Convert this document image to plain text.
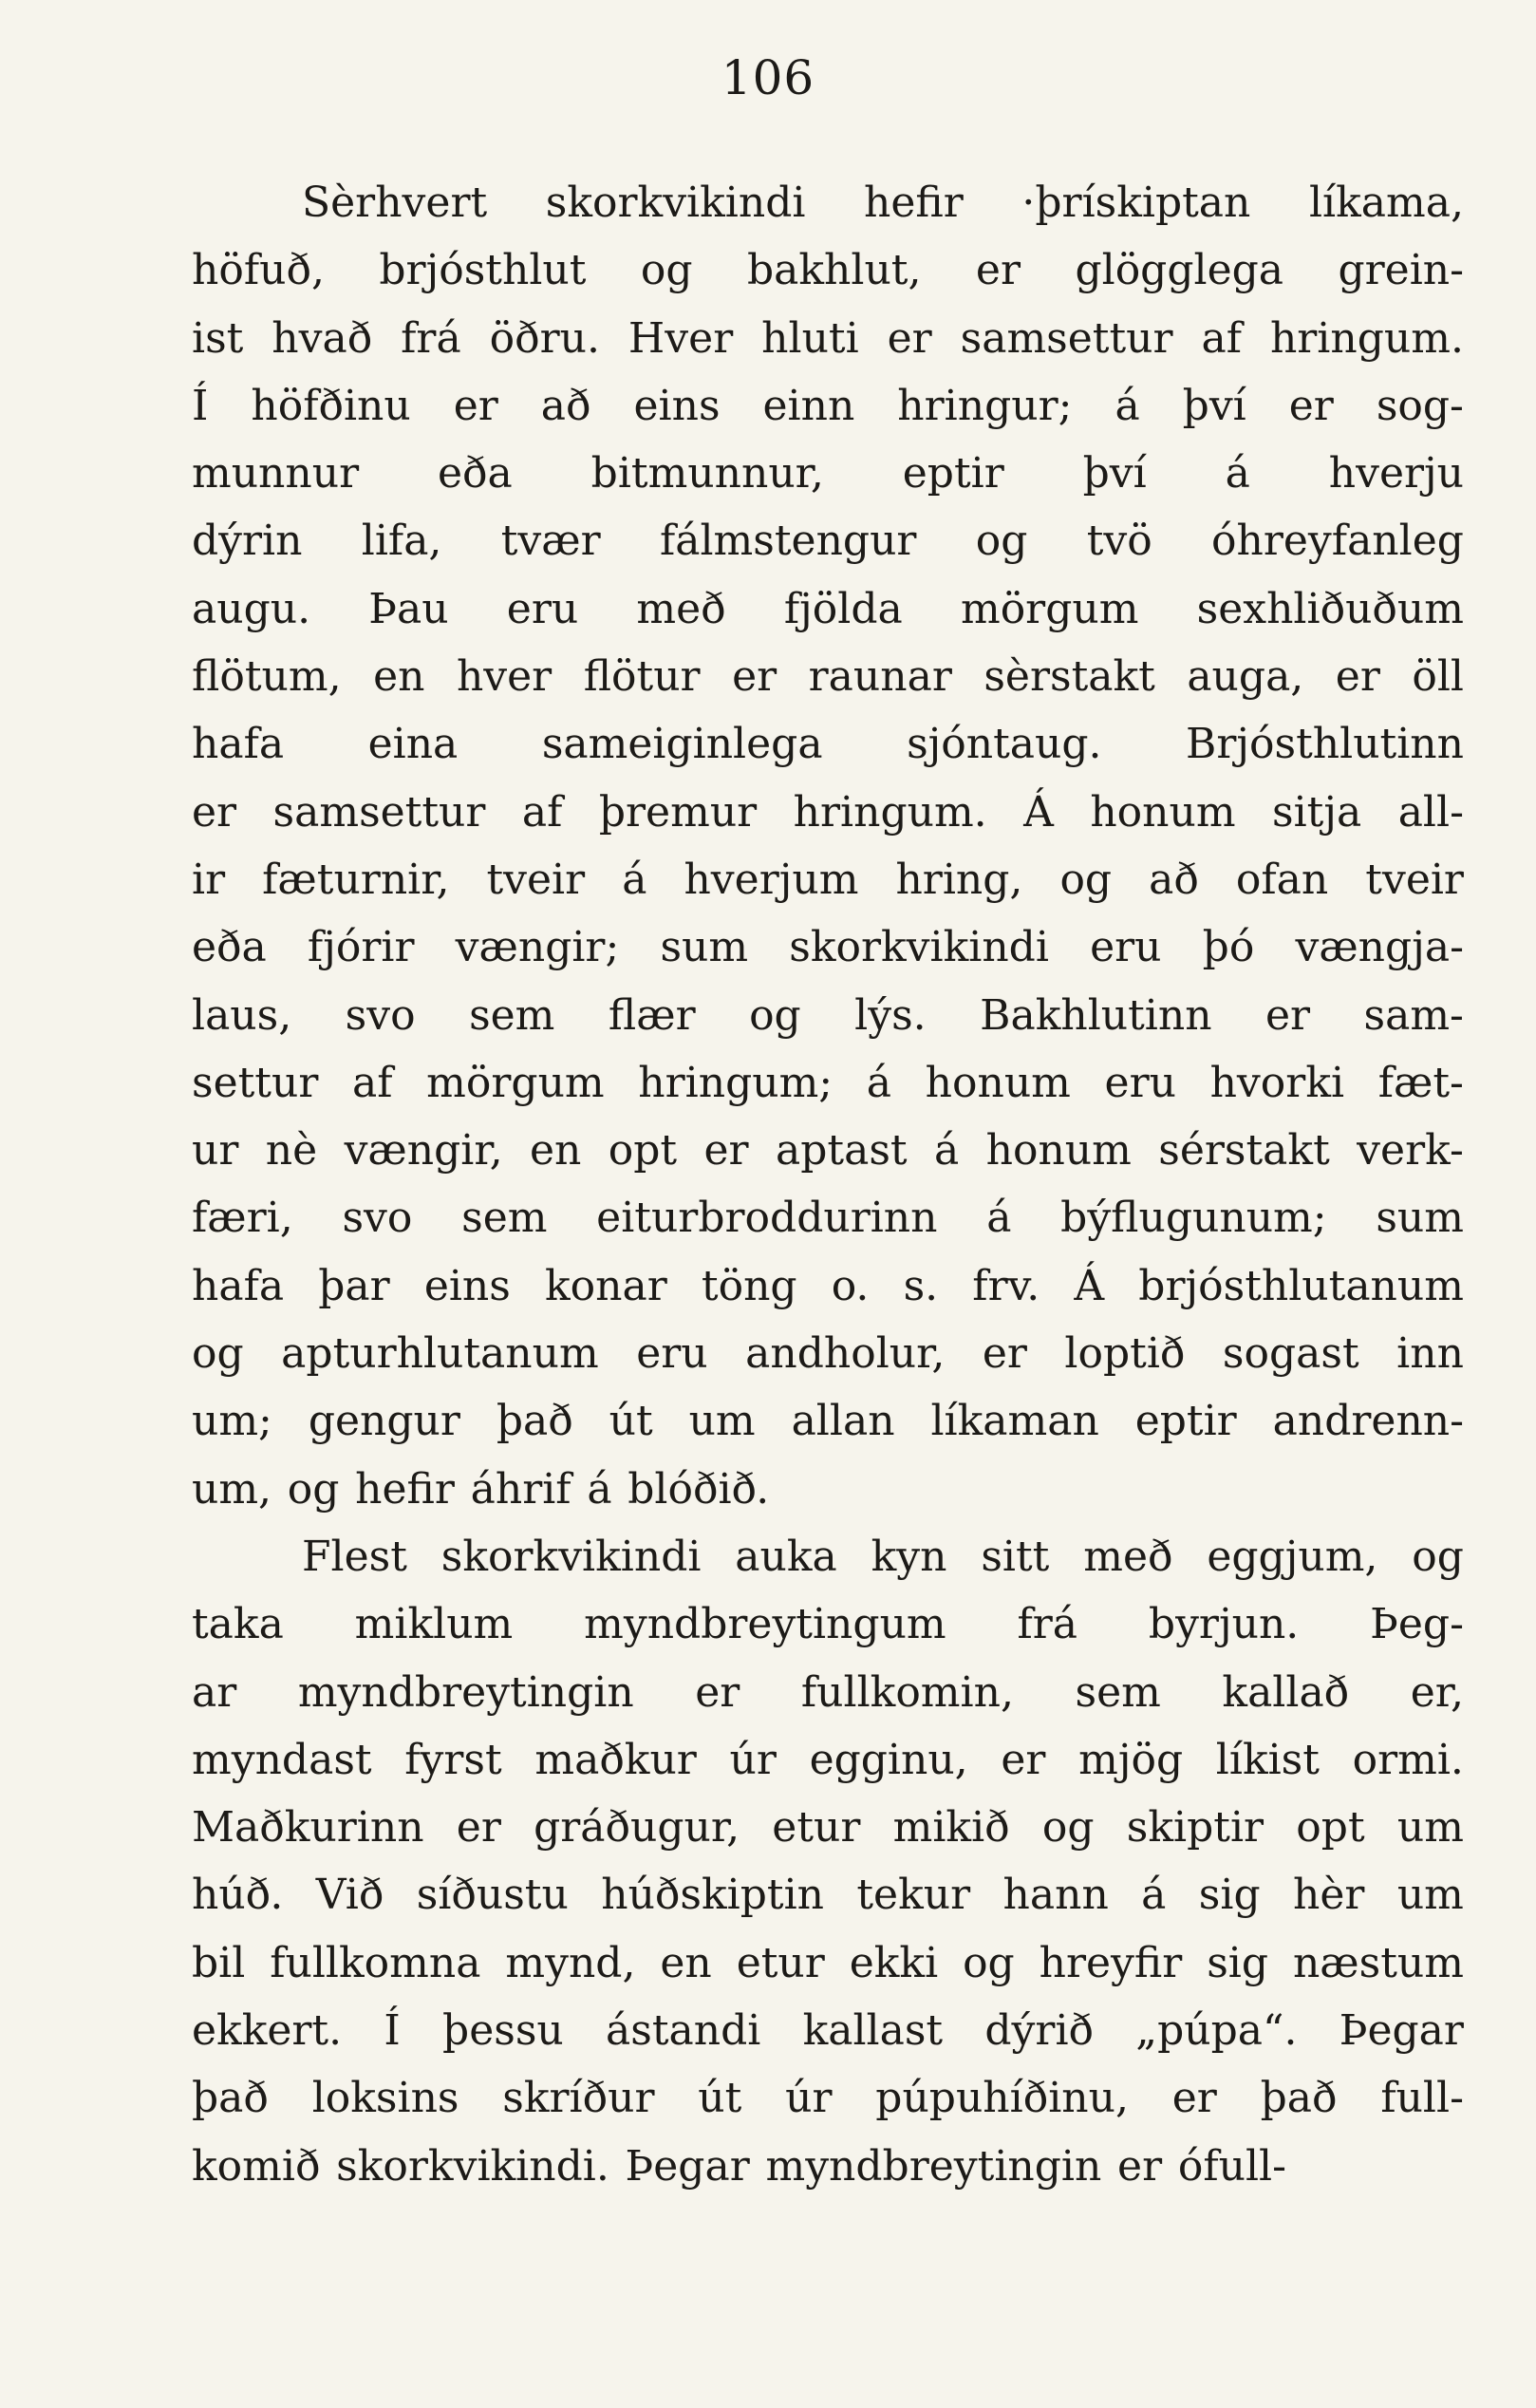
106
Sèrhvert skorkvikindi hefir ·þrískiptan líkama,
höfuð, brjósthlut og bakhlut, er glögglega grein-
ist hvað frá öðru. Hver hluti er samsettur af hringum.
Í höfðinu er að eins einn hringur; á því er sog-
munnur eða bitmunnur, eptir því á hverju
dýrin lifa, tvær fálmstengur og tvö óhreyfanleg
augu. Þau eru með fjölda mörgum sexhliðuðum
flötum, en hver flötur er raunar sèrstakt auga, er öll
hafa eina sameiginlega sjóntaug. Brjósthlutinn
er samsettur af þremur hringum. Á honum sitja all-
ir fæturnir, tveir á hverjum hring, og að ofan tveir
eða fjórir vængir; sum skorkvikindi eru þó vængja-
laus, svo sem flær og lýs. Bakhlutinn er sam-
settur af mörgum hringum; á honum eru hvorki fæt-
ur nè vængir, en opt er aptast á honum sérstakt verk-
færi, svo sem eiturbroddurinn á býflugunum; sum
hafa þar eins konar töng o. s. frv. Á brjósthlutanum
og apturhlutanum eru andholur, er loptið sogast inn
um; gengur það út um allan líkaman eptir andrenn-
um, og hefir áhrif á blóðið.
Flest skorkvikindi auka kyn sitt með eggjum, og
taka miklum myndbreytingum frá byrjun. Þeg-
ar myndbreytingin er fullkomin, sem kallað er,
myndast fyrst maðkur úr egginu, er mjög líkist ormi.
Maðkurinn er gráðugur, etur mikið og skiptir opt um
húð. Við síðustu húðskiptin tekur hann á sig hèr um
bil fullkomna mynd, en etur ekki og hreyfir sig næstum
ekkert. Í þessu ástandi kallast dýrið „púpa“. Þegar
það loksins skríður út úr púpuhíðinu, er það full-
komið skorkvikindi. Þegar myndbreytingin er ófull-
